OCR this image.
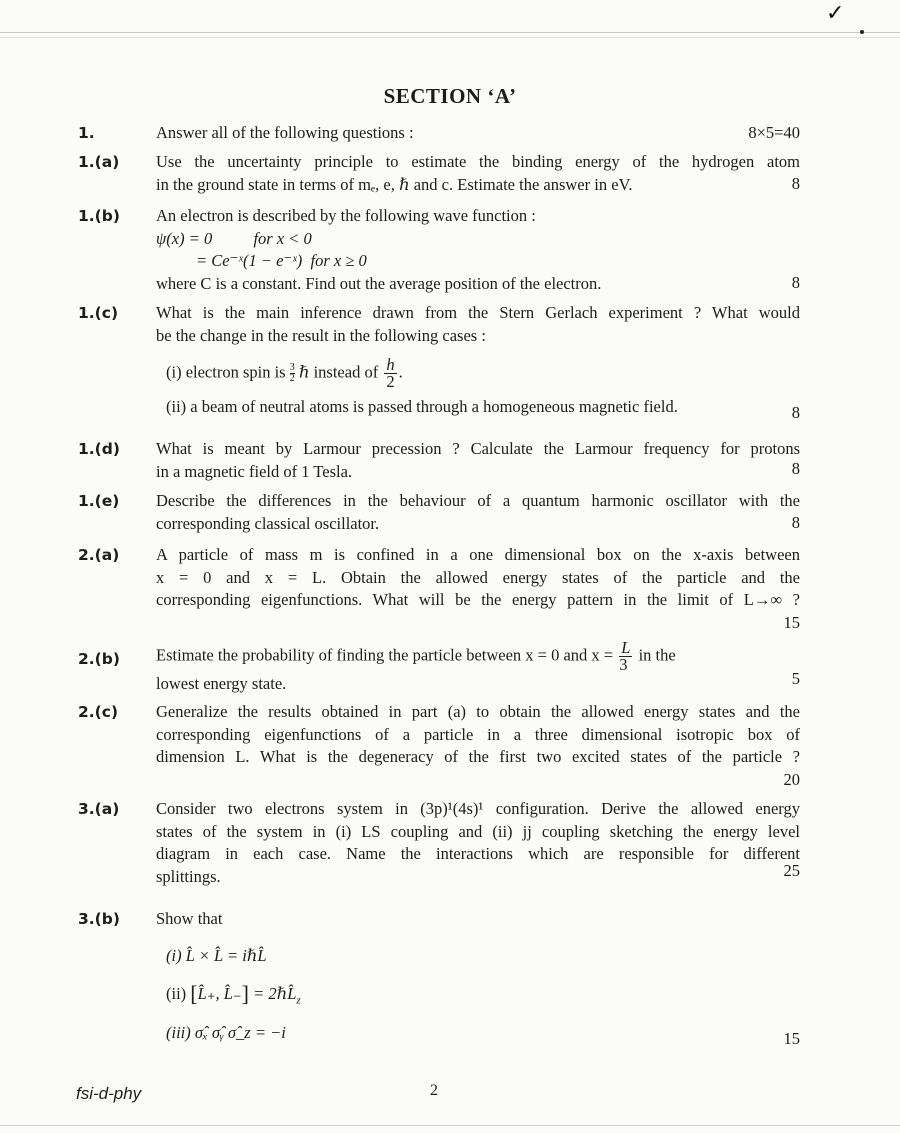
✓
SECTION ‘A’
1.	Answer all of the following questions :	8×5=40
1.(a)	Use the uncertainty principle to estimate the binding energy of the hydrogen atom
in the ground state in terms of mₑ, e, ℏ and c. Estimate the answer in eV.	8
1.(b)	An electron is described by the following wave function :
ψ(x) = 0          for x < 0
= Ce⁻ˣ(1 − e⁻ˣ)  for x ≥ 0
where C is a constant. Find out the average position of the electron.	8
1.(c)	What is the main inference drawn from the Stern Gerlach experiment ? What would
be the change in the result in the following cases :
(i) electron spin is $\frac{3}{2}$ ℏ instead of $\frac{h}{2}$ .
(ii) a beam of neutral atoms is passed through a homogeneous magnetic field.	8
1.(d)	What is meant by Larmour precession ? Calculate the Larmour frequency for protons
in a magnetic field of 1 Tesla.	8
1.(e)	Describe the differences in the behaviour of a quantum harmonic oscillator with the
corresponding classical oscillator.	8
2.(a)	A particle of mass m is confined in a one dimensional box on the x-axis between
x = 0 and x = L. Obtain the allowed energy states of the particle and the
corresponding eigenfunctions. What will be the energy pattern in the limit of L→∞ ?
15
2.(b)	Estimate the probability of finding the particle between x = 0 and $x = \frac{L}{3}$ in the
lowest energy state.	5
2.(c)	Generalize the results obtained in part (a) to obtain the allowed energy states and the
corresponding eigenfunctions of a particle in a three dimensional isotropic box of
dimension L. What is the degeneracy of the first two excited states of the particle ?
20
3.(a)	Consider two electrons system in (3p)¹(4s)¹ configuration. Derive the allowed energy
states of the system in (i) LS coupling and (ii) jj coupling sketching the energy level
diagram in each case. Name the interactions which are responsible for different
splittings.	25
3.(b)	Show that
(i) L̂ × L̂ = iℏL̂
(ii) [L̂₊, L̂₋] = $2\hbar L̂_z$
(iii) σ̂ₓ σ̂ᵧ σ̂_z = −i	15
fsi-d-phy	2
